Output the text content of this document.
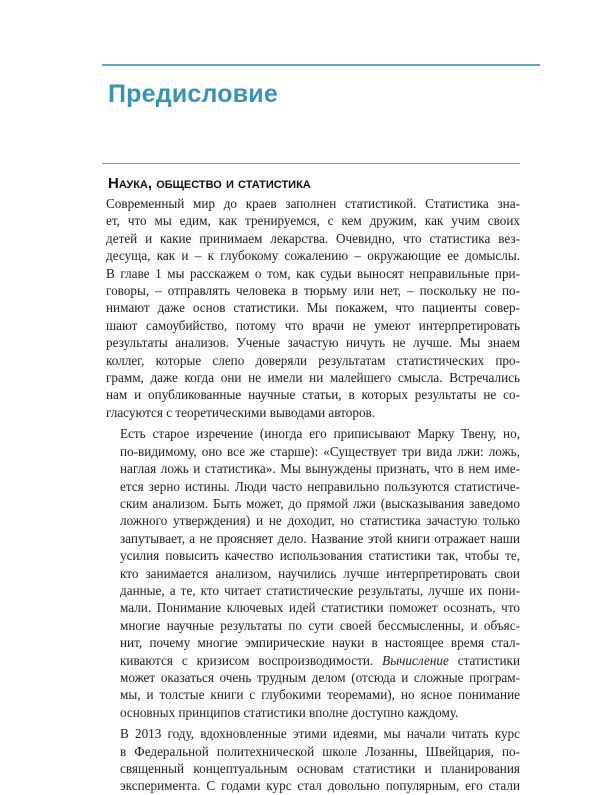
Предисловие
Наука, общество и статистика

Современный мир до краев заполнен статистикой. Статистика зна-
ет, что мы едим, как тренируемся, с кем дружим, как учим своих
детей и какие принимаем лекарства. Очевидно, что статистика вез-
десуща, как и – к глубокому сожалению – окружающие ее домыслы.
В главе 1 мы расскажем о том, как судьи выносят неправильные при-
говоры, – отправлять человека в тюрьму или нет, – поскольку не по-
нимают даже основ статистики. Мы покажем, что пациенты совер-
шают самоубийство, потому что врачи не умеют интерпретировать
результаты анализов. Ученые зачастую ничуть не лучше. Мы знаем
коллег, которые слепо доверяли результатам статистических про-
грамм, даже когда они не имели ни малейшего смысла. Встречались
нам и опубликованные научные статьи, в которых результаты не со-
гласуются с теоретическими выводами авторов.

Есть старое изречение (иногда его приписывают Марку Твену, но,
по-видимому, оно все же старше): «Существует три вида лжи: ложь,
наглая ложь и статистика». Мы вынуждены признать, что в нем име-
ется зерно истины. Люди часто неправильно пользуются статистиче-
ским анализом. Быть может, до прямой лжи (высказывания заведомо
ложного утверждения) и не доходит, но статистика зачастую только
запутывает, а не проясняет дело. Название этой книги отражает наши
усилия повысить качество использования статистики так, чтобы те,
кто занимается анализом, научились лучше интерпретировать свои
данные, а те, кто читает статистические результаты, лучше их пони-
мали. Понимание ключевых идей статистики поможет осознать, что
многие научные результаты по сути своей бессмысленны, и объяс-
нит, почему многие эмпирические науки в настоящее время стал-
киваются с кризисом воспроизводимости. Вычисление статистики
может оказаться очень трудным делом (отсюда и сложные програм-
мы, и толстые книги с глубокими теоремами), но ясное понимание
основных принципов статистики вполне доступно каждому.

В 2013 году, вдохновленные этими идеями, мы начали читать курс
в Федеральной политехнической школе Лозанны, Швейцария, по-
священный концептуальным основам статистики и планирования
эксперимента. С годами курс стал довольно популярным, его стали
